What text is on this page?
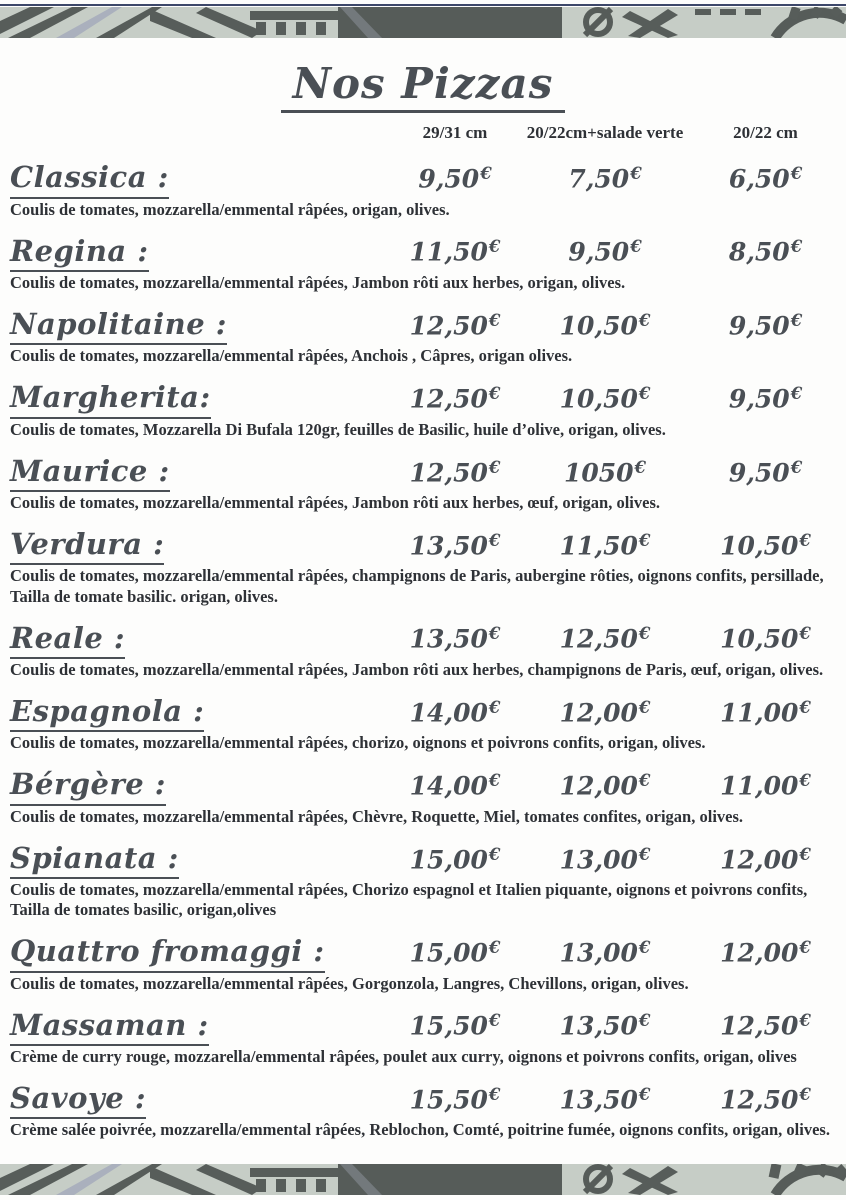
Nos Pizzas
29/31 cm	20/22cm+salade verte	20/22 cm
Classica :	9,50€	7,50€	6,50€

Coulis de tomates, mozzarella/emmental râpées, origan, olives.

Regina :	11,50€	9,50€	8,50€

Coulis de tomates, mozzarella/emmental râpées, Jambon rôti aux herbes, origan, olives.

Napolitaine :	12,50€	10,50€	9,50€

Coulis de tomates, mozzarella/emmental râpées, Anchois , Câpres, origan olives.

Margherita:	12,50€	10,50€	9,50€

Coulis de tomates, Mozzarella Di Bufala 120gr, feuilles de Basilic, huile d’olive, origan, olives.

Maurice :	12,50€	1050€	9,50€

Coulis de tomates, mozzarella/emmental râpées, Jambon rôti aux herbes, œuf, origan, olives.

Verdura :	13,50€	11,50€	10,50€

Coulis de tomates, mozzarella/emmental râpées, champignons de Paris, aubergine rôties, oignons confits, persillade, Tailla de tomate basilic. origan, olives.

Reale :	13,50€	12,50€	10,50€

Coulis de tomates, mozzarella/emmental râpées, Jambon rôti aux herbes, champignons de Paris, œuf, origan, olives.

Espagnola :	14,00€	12,00€	11,00€

Coulis de tomates, mozzarella/emmental râpées, chorizo, oignons et poivrons confits, origan, olives.

Bérgère :	14,00€	12,00€	11,00€

Coulis de tomates, mozzarella/emmental râpées, Chèvre, Roquette, Miel, tomates confites, origan, olives.

Spianata :	15,00€	13,00€	12,00€

Coulis de tomates, mozzarella/emmental râpées, Chorizo espagnol et Italien piquante, oignons et poivrons confits, Tailla de tomates basilic, origan,olives

Quattro fromaggi :	15,00€	13,00€	12,00€

Coulis de tomates, mozzarella/emmental râpées, Gorgonzola, Langres, Chevillons, origan, olives.

Massaman :	15,50€	13,50€	12,50€

Crème de curry rouge, mozzarella/emmental râpées, poulet aux curry, oignons et poivrons confits, origan, olives

Savoye :	15,50€	13,50€	12,50€

Crème salée poivrée, mozzarella/emmental râpées, Reblochon, Comté, poitrine fumée, oignons confits, origan, olives.
